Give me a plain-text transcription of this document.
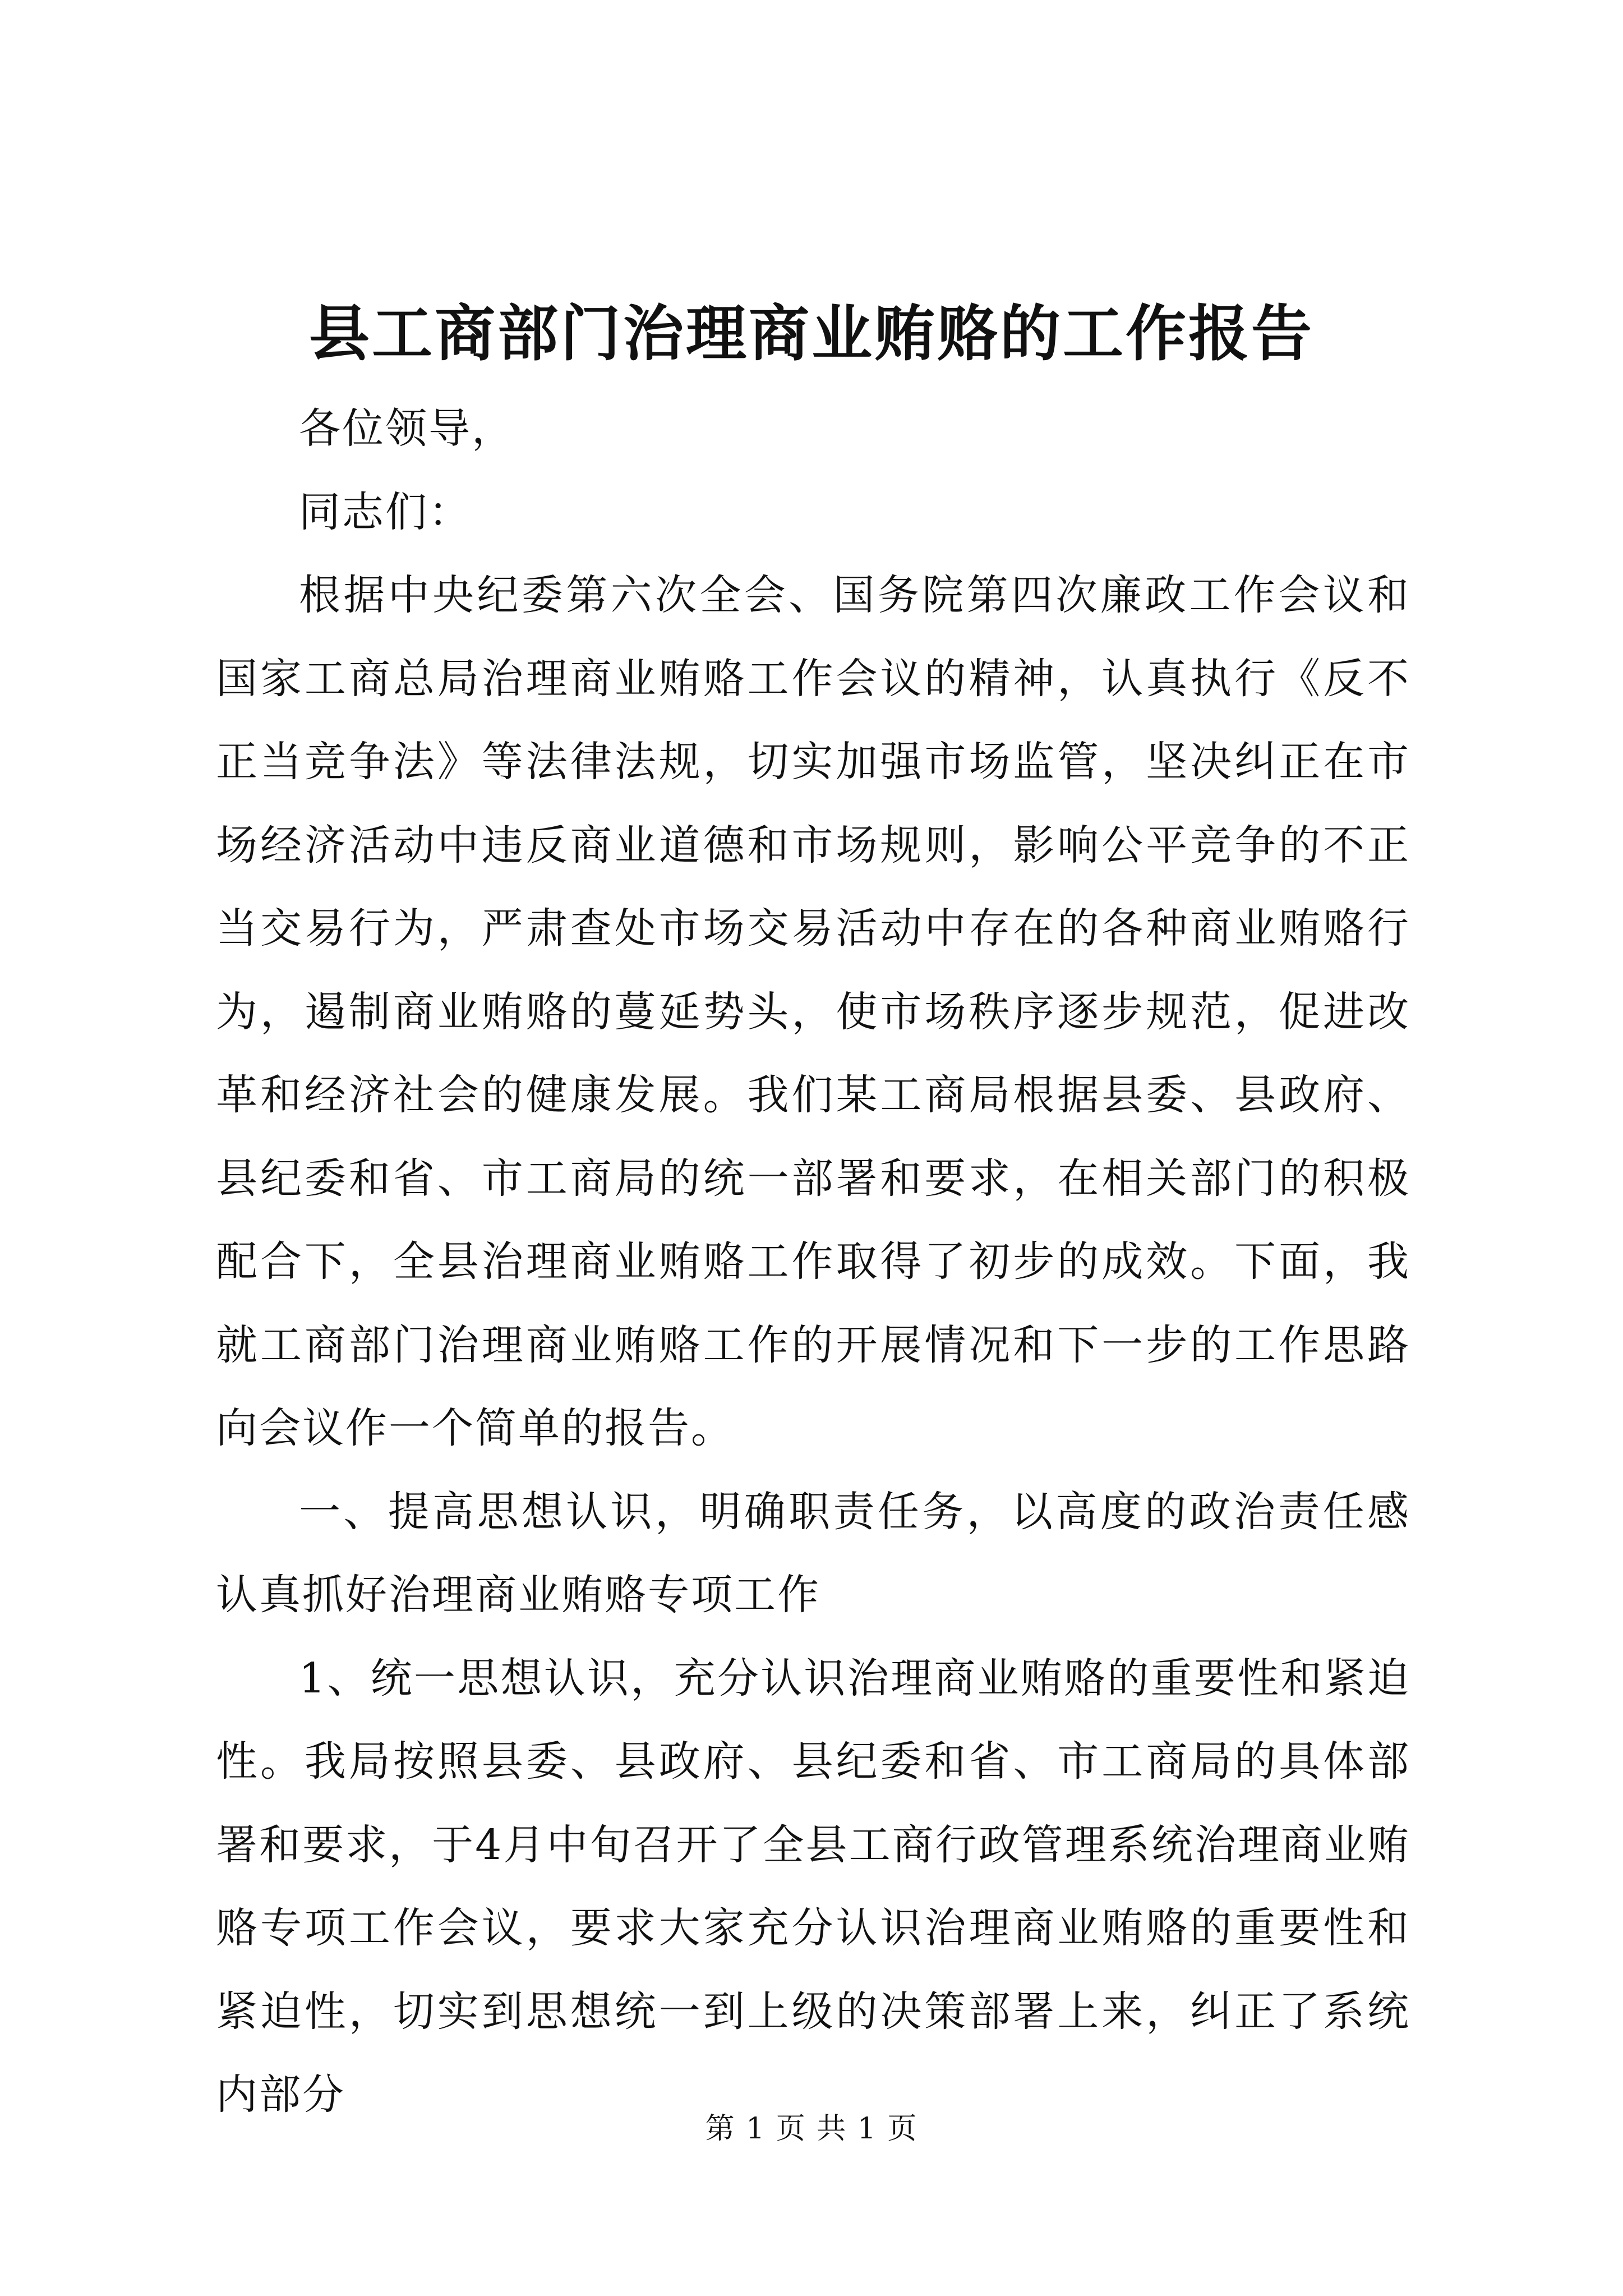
县工商部门治理商业贿赂的工作报告

各位领导，

同志们：

根据中央纪委第六次全会、国务院第四次廉政工作会议和国家工商总局治理商业贿赂工作会议的精神，认真执行《反不正当竞争法》等法律法规，切实加强市场监管，坚决纠正在市场经济活动中违反商业道德和市场规则，影响公平竞争的不正当交易行为，严肃查处市场交易活动中存在的各种商业贿赂行为，遏制商业贿赂的蔓延势头，使市场秩序逐步规范，促进改革和经济社会的健康发展。我们某工商局根据县委、县政府、县纪委和省、市工商局的统一部署和要求，在相关部门的积极配合下，全县治理商业贿赂工作取得了初步的成效。下面，我就工商部门治理商业贿赂工作的开展情况和下一步的工作思路向会议作一个简单的报告。

一、提高思想认识，明确职责任务，以高度的政治责任感认真抓好治理商业贿赂专项工作

1、统一思想认识，充分认识治理商业贿赂的重要性和紧迫性。我局按照县委、县政府、县纪委和省、市工商局的具体部署和要求，于4月中旬召开了全县工商行政管理系统治理商业贿赂专项工作会议，要求大家充分认识治理商业贿赂的重要性和紧迫性，切实到思想统一到上级的决策部署上来，纠正了系统内部分

第 1 页 共 1 页
